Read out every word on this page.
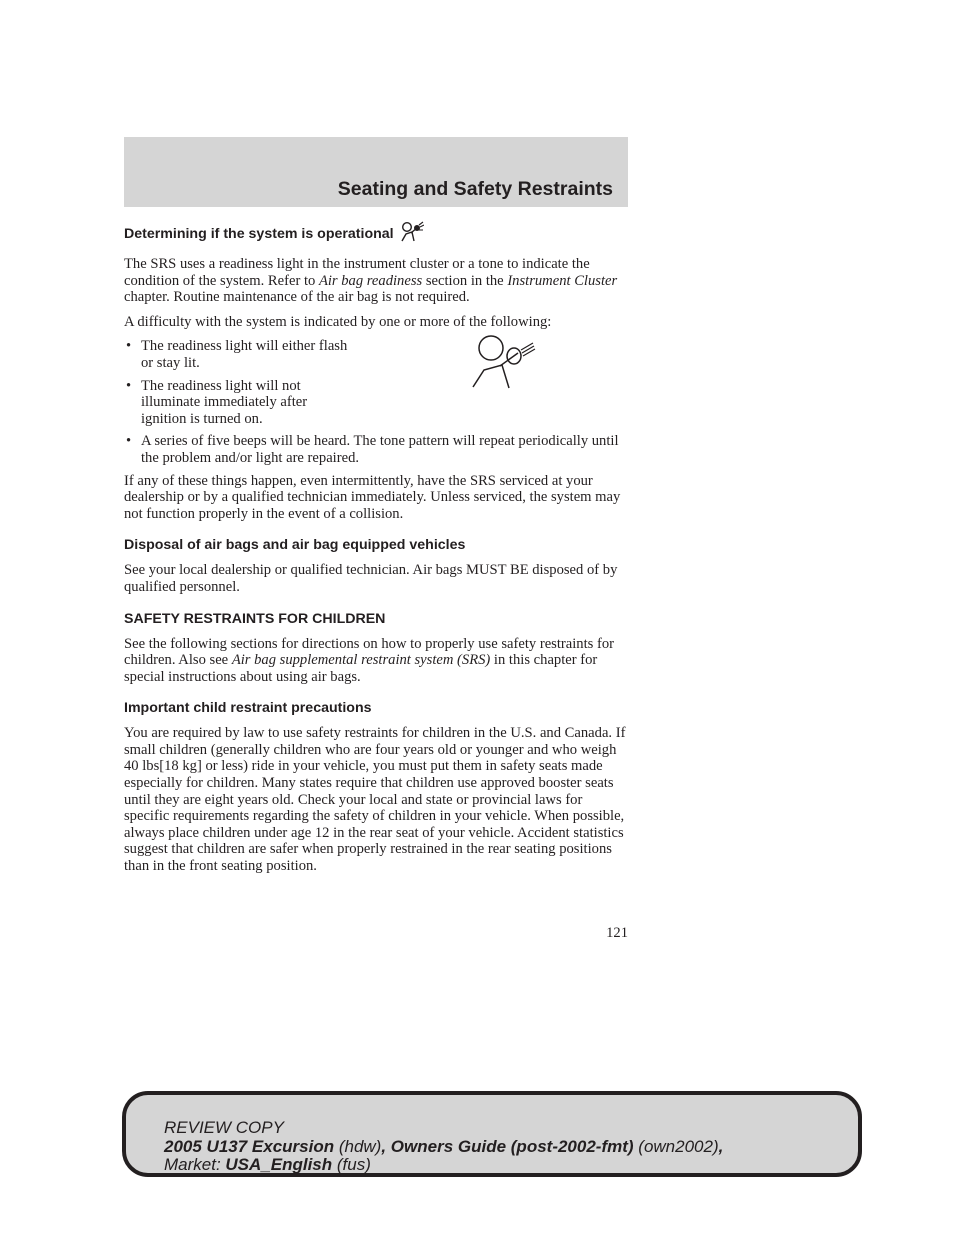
Seating and Safety Restraints
Determining if the system is operational

The SRS uses a readiness light in the instrument cluster or a tone to indicate the condition of the system. Refer to Air bag readiness section in the Instrument Cluster chapter. Routine maintenance of the air bag is not required.

A difficulty with the system is indicated by one or more of the following:

• The readiness light will either flash or stay lit.
• The readiness light will not illuminate immediately after ignition is turned on.
• A series of five beeps will be heard. The tone pattern will repeat periodically until the problem and/or light are repaired.

If any of these things happen, even intermittently, have the SRS serviced at your dealership or by a qualified technician immediately. Unless serviced, the system may not function properly in the event of a collision.

Disposal of air bags and air bag equipped vehicles

See your local dealership or qualified technician. Air bags MUST BE disposed of by qualified personnel.

SAFETY RESTRAINTS FOR CHILDREN

See the following sections for directions on how to properly use safety restraints for children. Also see Air bag supplemental restraint system (SRS) in this chapter for special instructions about using air bags.

Important child restraint precautions

You are required by law to use safety restraints for children in the U.S. and Canada. If small children (generally children who are four years old or younger and who weigh 40 lbs[18 kg] or less) ride in your vehicle, you must put them in safety seats made especially for children. Many states require that children use approved booster seats until they are eight years old. Check your local and state or provincial laws for specific requirements regarding the safety of children in your vehicle. When possible, always place children under age 12 in the rear seat of your vehicle. Accident statistics suggest that children are safer when properly restrained in the rear seating positions than in the front seating position.

121
REVIEW COPY
2005 U137 Excursion (hdw), Owners Guide (post-2002-fmt) (own2002),
Market: USA_English (fus)
